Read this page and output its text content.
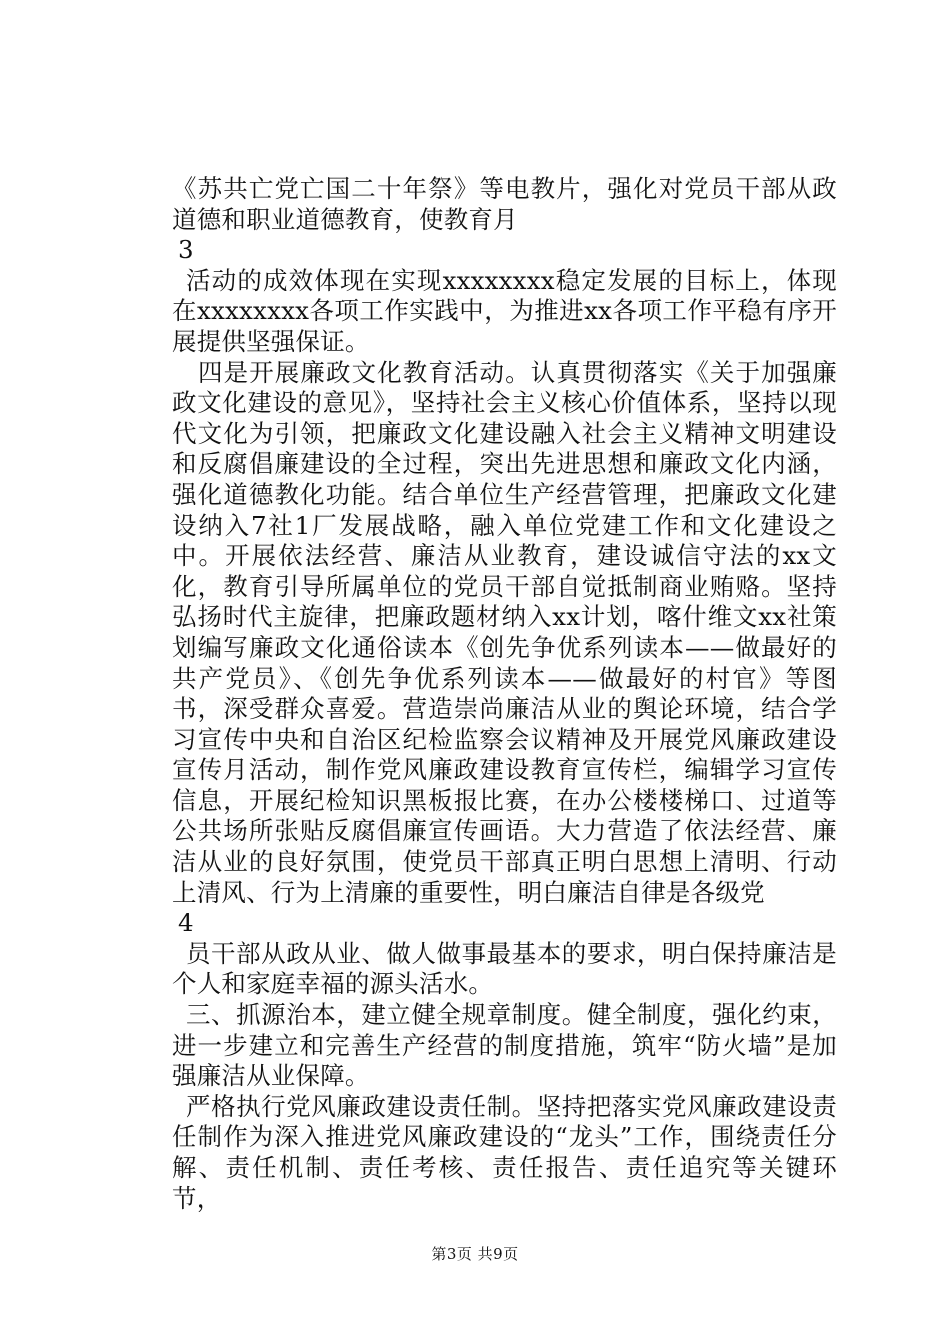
《苏共亡党亡国二十年祭》等电教片，强化对党员干部从政道德和职业道德教育，使教育月

3

活动的成效体现在实现xxxxxxxx稳定发展的目标上，体现在xxxxxxxx各项工作实践中，为推进xx各项工作平稳有序开展提供坚强保证。

四是开展廉政文化教育活动。认真贯彻落实《关于加强廉政文化建设的意见》，坚持社会主义核心价值体系，坚持以现代文化为引领，把廉政文化建设融入社会主义精神文明建设和反腐倡廉建设的全过程，突出先进思想和廉政文化内涵，强化道德教化功能。结合单位生产经营管理，把廉政文化建设纳入7社1厂发展战略，融入单位党建工作和文化建设之中。开展依法经营、廉洁从业教育，建设诚信守法的xx文化，教育引导所属单位的党员干部自觉抵制商业贿赂。坚持弘扬时代主旋律，把廉政题材纳入xx计划，喀什维文xx社策划编写廉政文化通俗读本《创先争优系列读本——做最好的共产党员》、《创先争优系列读本——做最好的村官》等图书，深受群众喜爱。营造崇尚廉洁从业的舆论环境，结合学习宣传中央和自治区纪检监察会议精神及开展党风廉政建设宣传月活动，制作党风廉政建设教育宣传栏，编辑学习宣传信息，开展纪检知识黑板报比赛，在办公楼楼梯口、过道等公共场所张贴反腐倡廉宣传画语。大力营造了依法经营、廉洁从业的良好氛围，使党员干部真正明白思想上清明、行动上清风、行为上清廉的重要性，明白廉洁自律是各级党

4

员干部从政从业、做人做事最基本的要求，明白保持廉洁是个人和家庭幸福的源头活水。

三、抓源治本，建立健全规章制度。健全制度，强化约束，进一步建立和完善生产经营的制度措施，筑牢“防火墙”是加强廉洁从业保障。

严格执行党风廉政建设责任制。坚持把落实党风廉政建设责任制作为深入推进党风廉政建设的“龙头”工作，围绕责任分解、责任机制、责任考核、责任报告、责任追究等关键环节，

第3页 共9页
